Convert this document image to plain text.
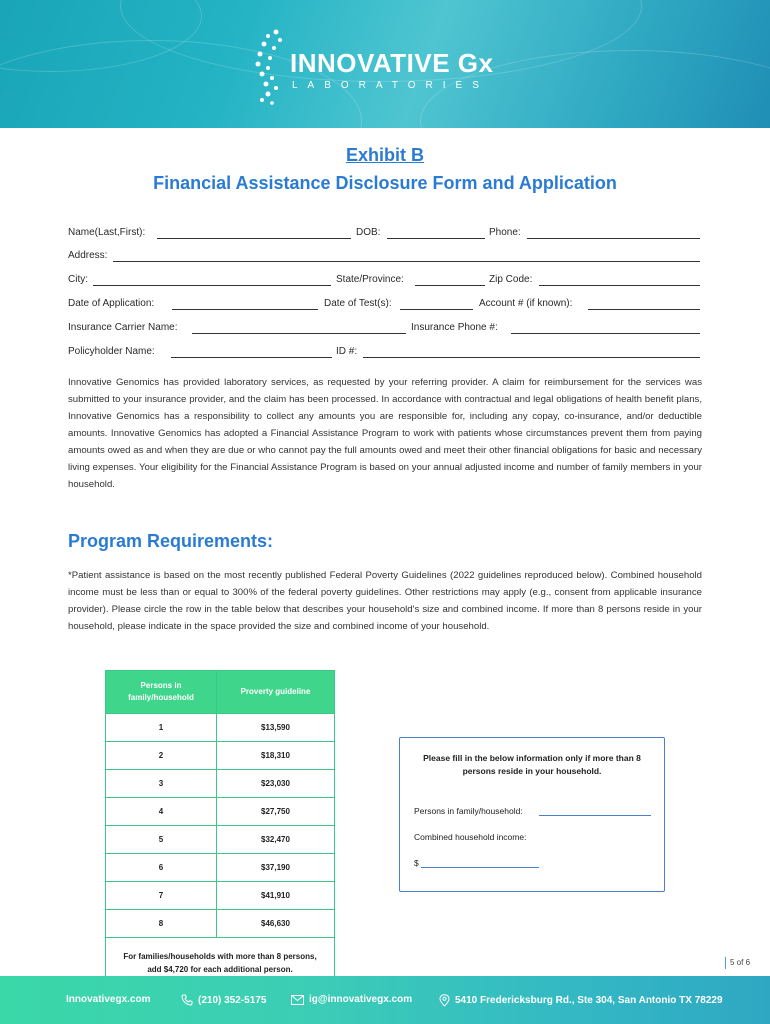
INNOVATIVE Gx
LABORATORIES
Exhibit B
Financial Assistance Disclosure Form and Application
Name(Last,First):	DOB:	Phone:
Address:
City:	State/Province:	Zip Code:
Date of Application:	Date of Test(s):	Account # (if known):
Insurance Carrier Name:	Insurance Phone #:
Policyholder Name:	ID #:
Innovative Genomics has provided laboratory services, as requested by your referring provider. A claim for reimbursement for the services was submitted to your insurance provider, and the claim has been processed. In accordance with contractual and legal obligations of health benefit plans, Innovative Genomics has a responsibility to collect any amounts you are responsible for, including any copay, co-insurance, and/or deductible amounts. Innovative Genomics has adopted a Financial Assistance Program to work with patients whose circumstances prevent them from paying amounts owed as and when they are due or who cannot pay the full amounts owed and meet their other financial obligations for basic and necessary living expenses. Your eligibility for the Financial Assistance Program is based on your annual adjusted income and number of family members in your household.
Program Requirements:
*Patient assistance is based on the most recently published Federal Poverty Guidelines (2022 guidelines reproduced below). Combined household income must be less than or equal to 300% of the federal poverty guidelines. Other restrictions may apply (e.g., consent from applicable insurance provider). Please circle the row in the table below that describes your household's size and combined income. If more than 8 persons reside in your household, please indicate in the space provided the size and combined income of your household.
Persons in family/household	Proverty guideline
1	$13,590
2	$18,310
3	$23,030
4	$27,750
5	$32,470
6	$37,190
7	$41,910
8	$46,630
For families/households with more than 8 persons, add $4,720 for each additional person.	
Please fill in the below information only if more than 8 persons reside in your household.
Persons in family/household:
Combined household income:
$
5 of 6
Innovativegx.com	(210) 352-5175	ig@innovativegx.com	5410 Fredericksburg Rd., Ste 304, San Antonio TX 78229
